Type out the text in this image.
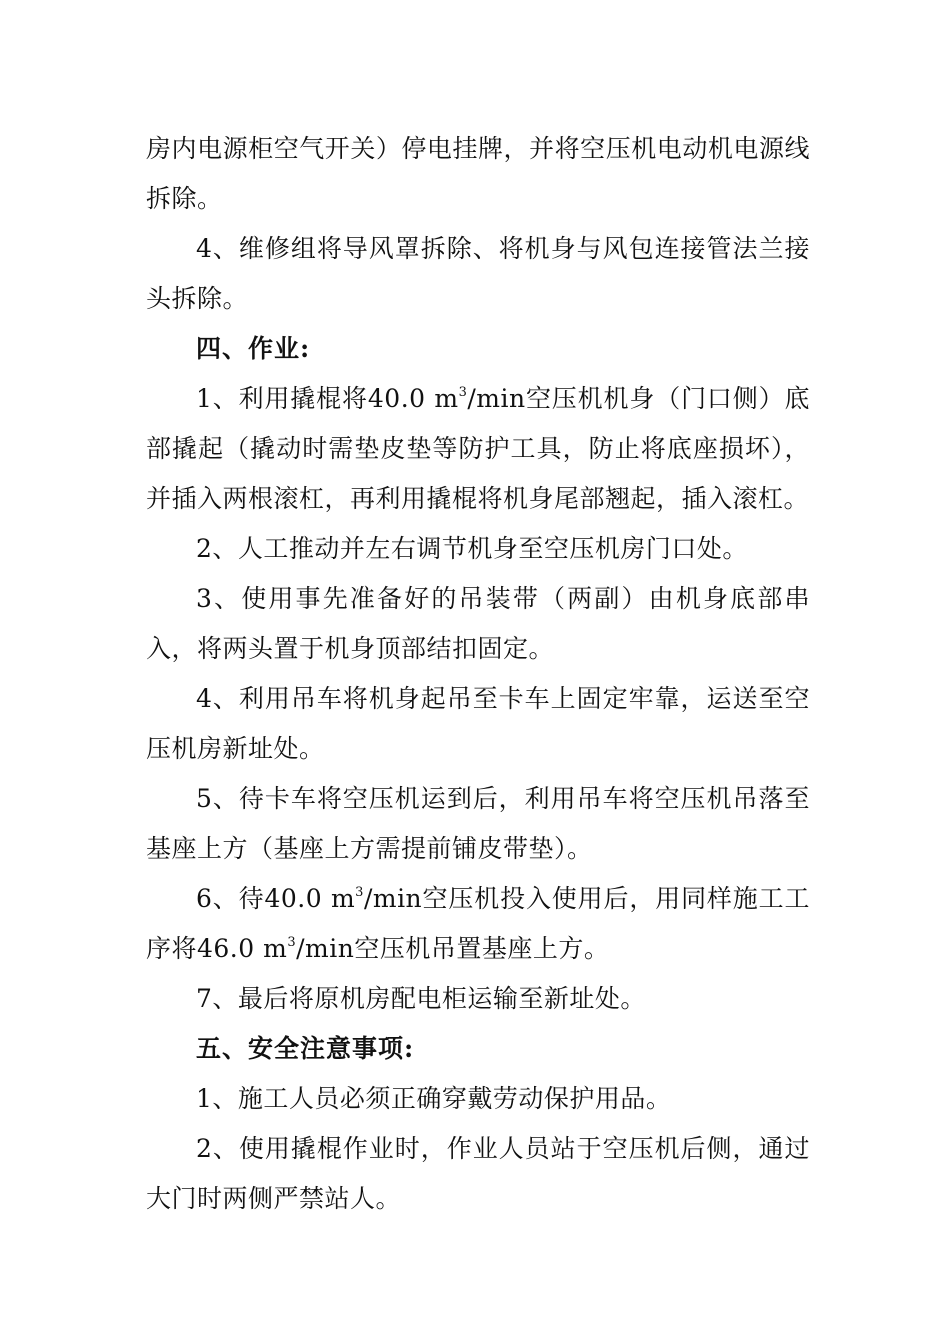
房内电源柜空气开关）停电挂牌，并将空压机电动机电源线拆除。

4、维修组将导风罩拆除、将机身与风包连接管法兰接头拆除。

四、作业:

1、利用撬棍将40.0 $m^3/\min$空压机机身（门口侧）底部撬起（撬动时需垫皮垫等防护工具，防止将底座损坏），并插入两根滚杠，再利用撬棍将机身尾部翘起，插入滚杠。

2、人工推动并左右调节机身至空压机房门口处。

3、使用事先准备好的吊装带（两副）由机身底部串入，将两头置于机身顶部结扣固定。

4、利用吊车将机身起吊至卡车上固定牢靠，运送至空压机房新址处。

5、待卡车将空压机运到后，利用吊车将空压机吊落至基座上方（基座上方需提前铺皮带垫）。

6、待40.0 $m^3/\min$空压机投入使用后，用同样施工工序将46.0 $m^3/\min$空压机吊置基座上方。

7、最后将原机房配电柜运输至新址处。

五、安全注意事项:

1、施工人员必须正确穿戴劳动保护用品。

2、使用撬棍作业时，作业人员站于空压机后侧，通过大门时两侧严禁站人。
